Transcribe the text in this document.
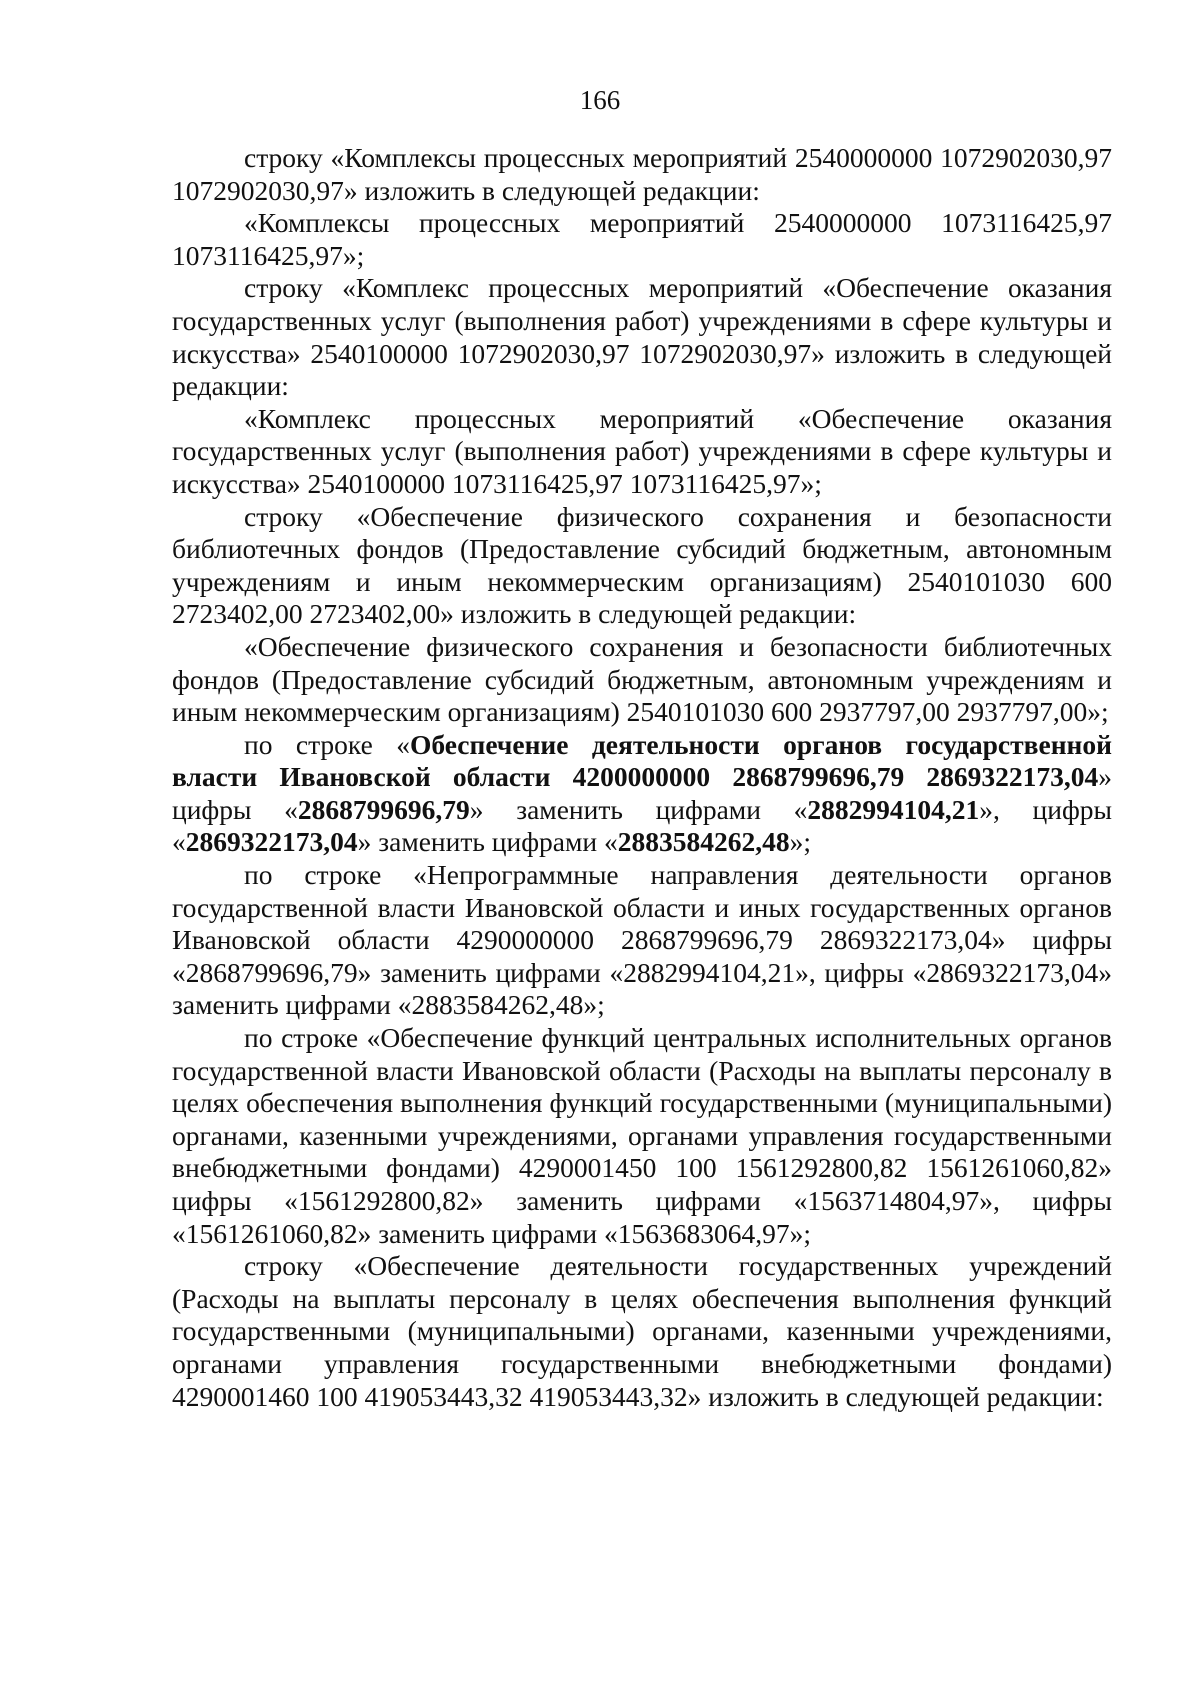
166

строку «Комплексы процессных мероприятий 2540000000 1072902030,97 1072902030,97» изложить в следующей редакции:

«Комплексы процессных мероприятий 2540000000 1073116425,97 1073116425,97»;

строку «Комплекс процессных мероприятий «Обеспечение оказания государственных услуг (выполнения работ) учреждениями в сфере культуры и искусства» 2540100000 1072902030,97 1072902030,97» изложить в следующей редакции:

«Комплекс процессных мероприятий «Обеспечение оказания государственных услуг (выполнения работ) учреждениями в сфере культуры и искусства» 2540100000 1073116425,97 1073116425,97»;

строку «Обеспечение физического сохранения и безопасности библиотечных фондов (Предоставление субсидий бюджетным, автономным учреждениям и иным некоммерческим организациям) 2540101030 600 2723402,00 2723402,00» изложить в следующей редакции:

«Обеспечение физического сохранения и безопасности библиотечных фондов (Предоставление субсидий бюджетным, автономным учреждениям и иным некоммерческим организациям) 2540101030 600 2937797,00 2937797,00»;

по строке «Обеспечение деятельности органов государственной власти Ивановской области 4200000000 2868799696,79 2869322173,04» цифры «2868799696,79» заменить цифрами «2882994104,21», цифры «2869322173,04» заменить цифрами «2883584262,48»;

по строке «Непрограммные направления деятельности органов государственной власти Ивановской области и иных государственных органов Ивановской области 4290000000 2868799696,79 2869322173,04» цифры «2868799696,79» заменить цифрами «2882994104,21», цифры «2869322173,04» заменить цифрами «2883584262,48»;

по строке «Обеспечение функций центральных исполнительных органов государственной власти Ивановской области (Расходы на выплаты персоналу в целях обеспечения выполнения функций государственными (муниципальными) органами, казенными учреждениями, органами управления государственными внебюджетными фондами) 4290001450 100 1561292800,82 1561261060,82» цифры «1561292800,82» заменить цифрами «1563714804,97», цифры «1561261060,82» заменить цифрами «1563683064,97»;

строку «Обеспечение деятельности государственных учреждений (Расходы на выплаты персоналу в целях обеспечения выполнения функций государственными (муниципальными) органами, казенными учреждениями, органами управления государственными внебюджетными фондами) 4290001460 100 419053443,32 419053443,32» изложить в следующей редакции:
